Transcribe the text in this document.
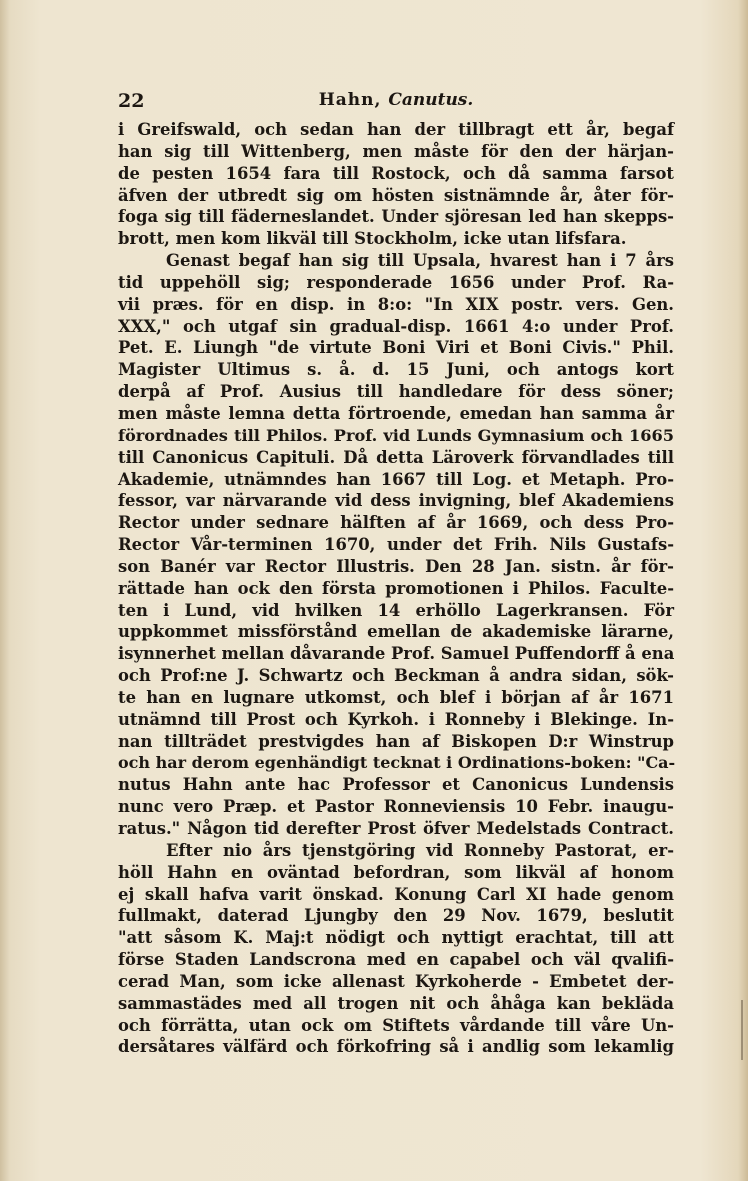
22	Hahn, Canutus.
i Greifswald, och sedan han der tillbragt ett år, begaf
han sig till Wittenberg, men måste för den der härjan-
de pesten 1654 fara till Rostock, och då samma farsot
äfven der utbredt sig om hösten sistnämnde år, åter för-
foga sig till fäderneslandet. Under sjöresan led han skepps-
brott, men kom likväl till Stockholm, icke utan lifsfara.
Genast begaf han sig till Upsala, hvarest han i 7 års
tid uppehöll sig; responderade 1656 under Prof. Ra-
vii præs. för en disp. in 8:o: "In XIX postr. vers. Gen.
XXX," och utgaf sin gradual-disp. 1661 4:o under Prof.
Pet. E. Liungh "de virtute Boni Viri et Boni Civis." Phil.
Magister Ultimus s. å. d. 15 Juni, och antogs kort
derpå af Prof. Ausius till handledare för dess söner;
men måste lemna detta förtroende, emedan han samma år
förordnades till Philos. Prof. vid Lunds Gymnasium och 1665
till Canonicus Capituli. Då detta Läroverk förvandlades till
Akademie, utnämndes han 1667 till Log. et Metaph. Pro-
fessor, var närvarande vid dess invigning, blef Akademiens
Rector under sednare hälften af år 1669, och dess Pro-
Rector Vår-terminen 1670, under det Frih. Nils Gustafs-
son Banér var Rector Illustris. Den 28 Jan. sistn. år för-
rättade han ock den första promotionen i Philos. Faculte-
ten i Lund, vid hvilken 14 erhöllo Lagerkransen. För
uppkommet missförstånd emellan de akademiske lärarne,
isynnerhet mellan dåvarande Prof. Samuel Puffendorff å ena
och Prof:ne J. Schwartz och Beckman å andra sidan, sök-
te han en lugnare utkomst, och blef i början af år 1671
utnämnd till Prost och Kyrkoh. i Ronneby i Blekinge. In-
nan tillträdet prestvigdes han af Biskopen D:r Winstrup
och har derom egenhändigt tecknat i Ordinations-boken: "Ca-
nutus Hahn ante hac Professor et Canonicus Lundensis
nunc vero Præp. et Pastor Ronneviensis 10 Febr. inaugu-
ratus." Någon tid derefter Prost öfver Medelstads Contract.
Efter nio års tjenstgöring vid Ronneby Pastorat, er-
höll Hahn en oväntad befordran, som likväl af honom
ej skall hafva varit önskad. Konung Carl XI hade genom
fullmakt, daterad Ljungby den 29 Nov. 1679, beslutit
"att såsom K. Maj:t nödigt och nyttigt erachtat, till att
förse Staden Landscrona med en capabel och väl qvalifi-
cerad Man, som icke allenast Kyrkoherde - Embetet der-
sammastädes med all trogen nit och åhåga kan bekläda
och förrätta, utan ock om Stiftets vårdande till våre Un-
dersåtares välfärd och förkofring så i andlig som lekamlig
